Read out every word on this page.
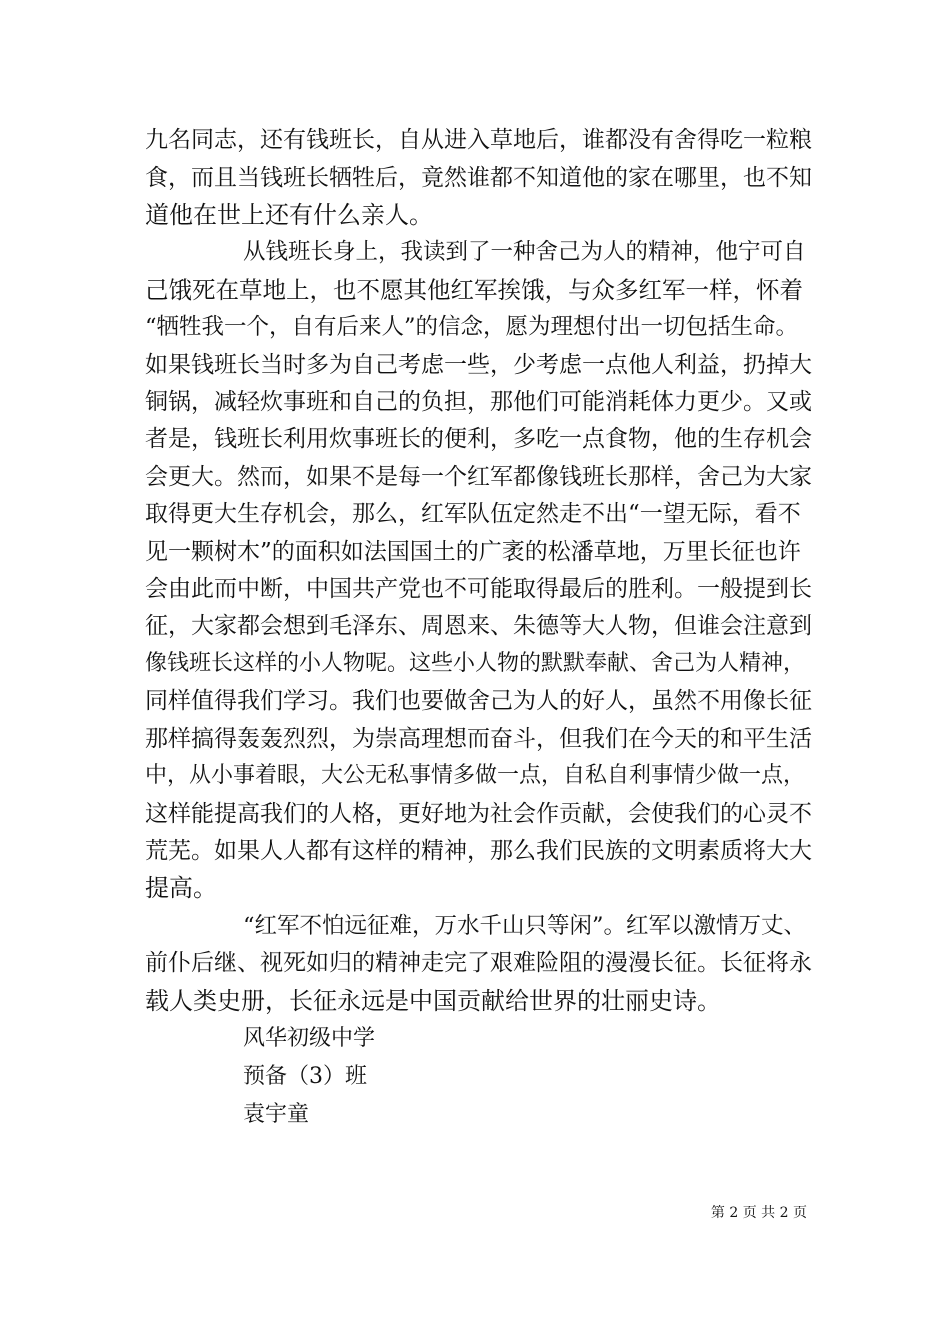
九名同志，还有钱班长，自从进入草地后，谁都没有舍得吃一粒粮
食，而且当钱班长牺牲后，竟然谁都不知道他的家在哪里，也不知
道他在世上还有什么亲人。
从钱班长身上，我读到了一种舍己为人的精神，他宁可自
己饿死在草地上，也不愿其他红军挨饿，与众多红军一样，怀着
“牺牲我一个，自有后来人”的信念，愿为理想付出一切包括生命。
如果钱班长当时多为自己考虑一些，少考虑一点他人利益，扔掉大
铜锅，减轻炊事班和自己的负担，那他们可能消耗体力更少。又或
者是，钱班长利用炊事班长的便利，多吃一点食物，他的生存机会
会更大。然而，如果不是每一个红军都像钱班长那样，舍己为大家
取得更大生存机会，那么，红军队伍定然走不出“一望无际，看不
见一颗树木”的面积如法国国土的广袤的松潘草地，万里长征也许
会由此而中断，中国共产党也不可能取得最后的胜利。一般提到长
征，大家都会想到毛泽东、周恩来、朱德等大人物，但谁会注意到
像钱班长这样的小人物呢。这些小人物的默默奉献、舍己为人精神，
同样值得我们学习。我们也要做舍己为人的好人，虽然不用像长征
那样搞得轰轰烈烈，为崇高理想而奋斗，但我们在今天的和平生活
中，从小事着眼，大公无私事情多做一点，自私自利事情少做一点，
这样能提高我们的人格，更好地为社会作贡献，会使我们的心灵不
荒芜。如果人人都有这样的精神，那么我们民族的文明素质将大大
提高。
“红军不怕远征难，万水千山只等闲”。红军以激情万丈、
前仆后继、视死如归的精神走完了艰难险阻的漫漫长征。长征将永
载人类史册，长征永远是中国贡献给世界的壮丽史诗。
风华初级中学
预备（3）班
袁宇童
第 2 页 共 2 页
